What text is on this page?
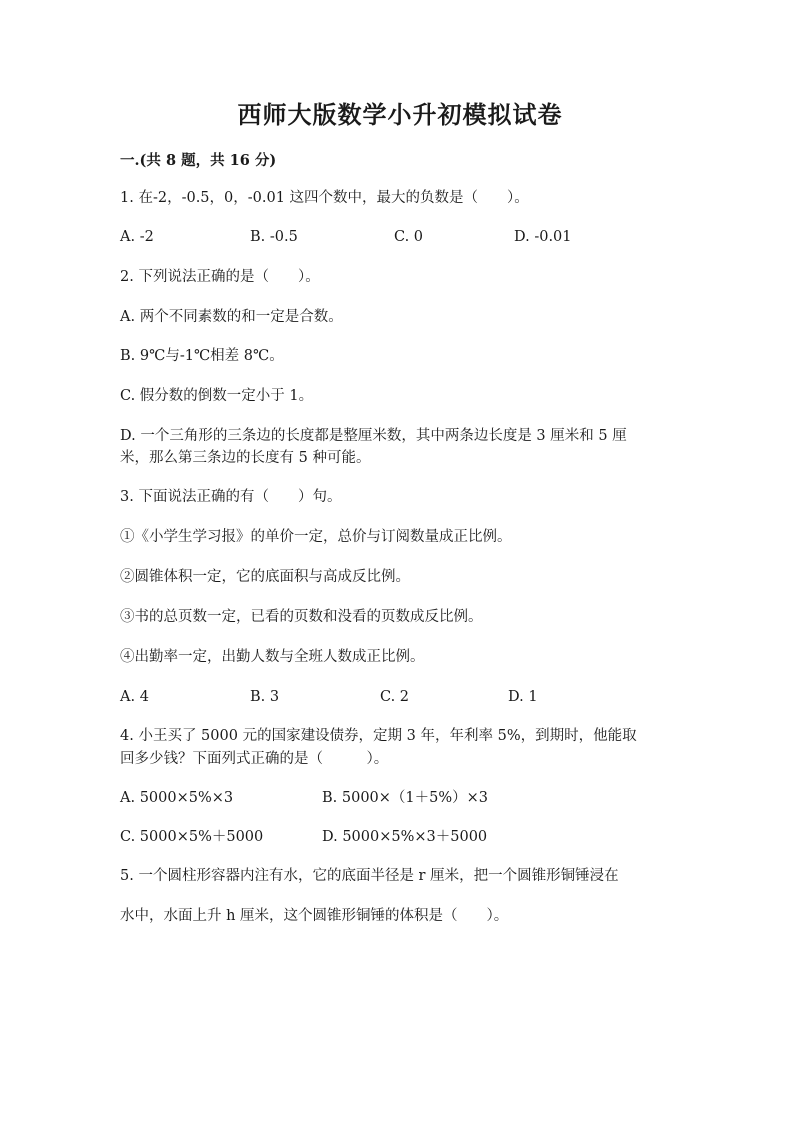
西师大版数学小升初模拟试卷
一.(共 8 题，共 16 分)
1. 在-2，-0.5，0，-0.01 这四个数中，最大的负数是（　　）。
A. -2	B. -0.5	C. 0	D. -0.01
2. 下列说法正确的是（　　）。
A. 两个不同素数的和一定是合数。
B. 9℃与-1℃相差 8℃。
C. 假分数的倒数一定小于 1。
D. 一个三角形的三条边的长度都是整厘米数，其中两条边长度是 3 厘米和 5 厘
米，那么第三条边的长度有 5 种可能。
3. 下面说法正确的有（　　）句。
①《小学生学习报》的单价一定，总价与订阅数量成正比例。
②圆锥体积一定，它的底面积与高成反比例。
③书的总页数一定，已看的页数和没看的页数成反比例。
④出勤率一定，出勤人数与全班人数成正比例。
A. 4	B. 3	C. 2	D. 1
4. 小王买了 5000 元的国家建设债券，定期 3 年，年利率 5%，到期时，他能取
回多少钱？下面列式正确的是（　　　）。
A. 5000×5%×3	B. 5000×（1＋5%）×3
C. 5000×5%＋5000	D. 5000×5%×3＋5000
5. 一个圆柱形容器内注有水，它的底面半径是 r 厘米，把一个圆锥形铜锤浸在
水中，水面上升 h 厘米，这个圆锥形铜锤的体积是（　　）。
